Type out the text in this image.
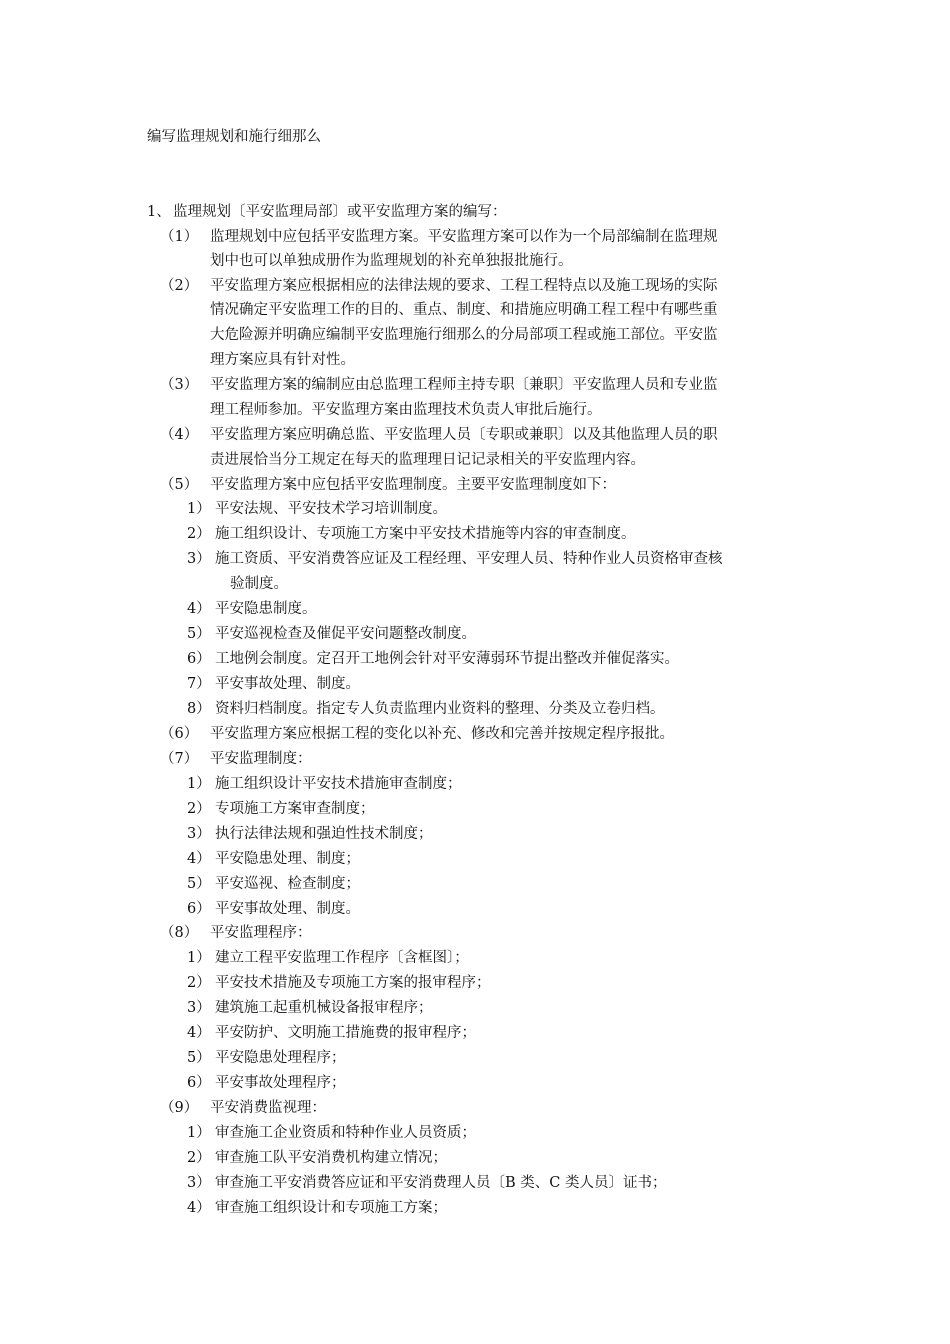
编写监理规划和施行细那么
1、 监理规划〔平安监理局部〕或平安监理方案的编写：
（1） 监理规划中应包括平安监理方案。平安监理方案可以作为一个局部编制在监理规
划中也可以单独成册作为监理规划的补充单独报批施行。
（2） 平安监理方案应根据相应的法律法规的要求、工程工程特点以及施工现场的实际
情况确定平安监理工作的目的、重点、制度、和措施应明确工程工程中有哪些重
大危险源并明确应编制平安监理施行细那么的分局部项工程或施工部位。平安监
理方案应具有针对性。
（3） 平安监理方案的编制应由总监理工程师主持专职〔兼职〕平安监理人员和专业监
理工程师参加。平安监理方案由监理技术负责人审批后施行。
（4） 平安监理方案应明确总监、平安监理人员〔专职或兼职〕以及其他监理人员的职
责进展恰当分工规定在每天的监理理日记记录相关的平安监理内容。
（5） 平安监理方案中应包括平安监理制度。主要平安监理制度如下：
1） 平安法规、平安技术学习培训制度。
2） 施工组织设计、专项施工方案中平安技术措施等内容的审查制度。
3） 施工资质、平安消费答应证及工程经理、平安理人员、特种作业人员资格审查核
验制度。
4） 平安隐患制度。
5） 平安巡视检查及催促平安问题整改制度。
6） 工地例会制度。定召开工地例会针对平安薄弱环节提出整改并催促落实。
7） 平安事故处理、制度。
8） 资料归档制度。指定专人负责监理内业资料的整理、分类及立卷归档。
（6） 平安监理方案应根据工程的变化以补充、修改和完善并按规定程序报批。
（7） 平安监理制度：
1） 施工组织设计平安技术措施审查制度；
2） 专项施工方案审查制度；
3） 执行法律法规和强迫性技术制度；
4） 平安隐患处理、制度；
5） 平安巡视、检查制度；
6） 平安事故处理、制度。
（8） 平安监理程序：
1） 建立工程平安监理工作程序〔含框图〕；
2） 平安技术措施及专项施工方案的报审程序；
3） 建筑施工起重机械设备报审程序；
4） 平安防护、文明施工措施费的报审程序；
5） 平安隐患处理程序；
6） 平安事故处理程序；
（9） 平安消费监视理：
1） 审查施工企业资质和特种作业人员资质；
2） 审查施工队平安消费机构建立情况；
3） 审查施工平安消费答应证和平安消费理人员〔B 类、C 类人员〕证书；
4） 审查施工组织设计和专项施工方案；
